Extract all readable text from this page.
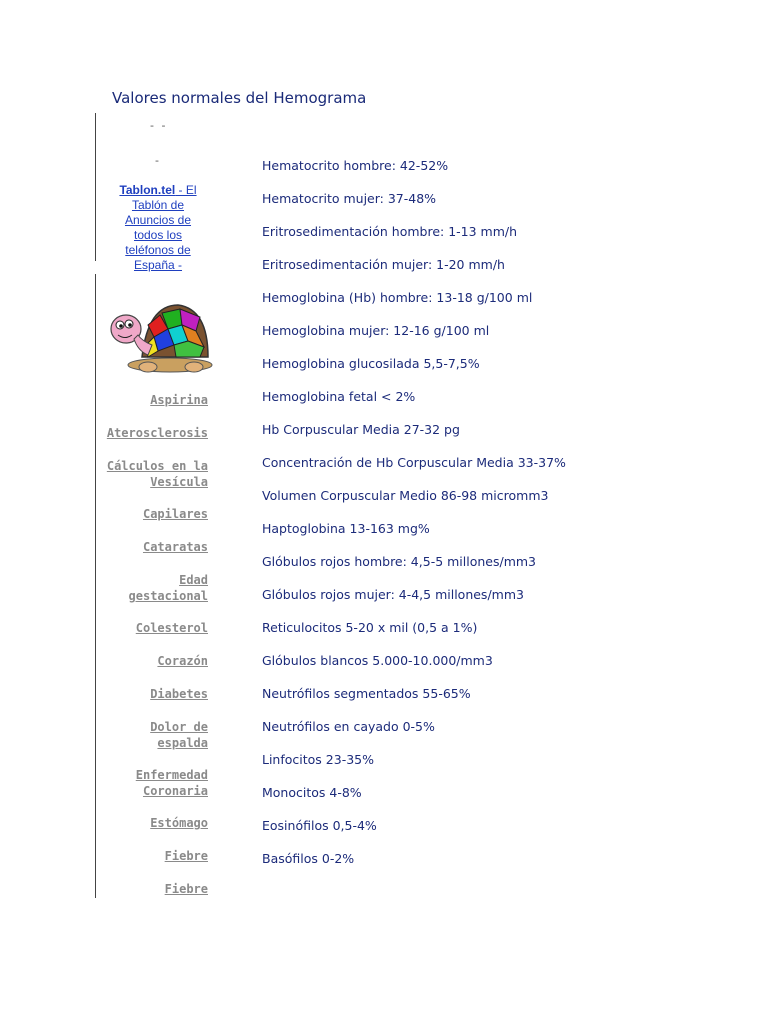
Valores normales del Hemograma
- -
-
Tablon.tel - El Tablón de Anuncios de todos los teléfonos de España -
Aspirina
Aterosclerosis
Cálculos en la Vesícula
Capilares
Cataratas
Edad gestacional
Colesterol
Corazón
Diabetes
Dolor de espalda
Enfermedad Coronaria
Estómago
Fiebre
Fiebre
Hematocrito hombre: 42-52%
Hematocrito mujer: 37-48%
Eritrosedimentación hombre: 1-13 mm/h
Eritrosedimentación mujer: 1-20 mm/h
Hemoglobina (Hb) hombre: 13-18 g/100 ml
Hemoglobina mujer: 12-16 g/100 ml
Hemoglobina glucosilada 5,5-7,5%
Hemoglobina fetal < 2%
Hb Corpuscular Media 27-32 pg
Concentración de Hb Corpuscular Media 33-37%
Volumen Corpuscular Medio 86-98 micromm3
Haptoglobina 13-163 mg%
Glóbulos rojos hombre: 4,5-5 millones/mm3
Glóbulos rojos mujer: 4-4,5 millones/mm3
Reticulocitos 5-20 x mil (0,5 a 1%)
Glóbulos blancos 5.000-10.000/mm3
Neutrófilos segmentados 55-65%
Neutrófilos en cayado 0-5%
Linfocitos 23-35%
Monocitos 4-8%
Eosinófilos 0,5-4%
Basófilos 0-2%
